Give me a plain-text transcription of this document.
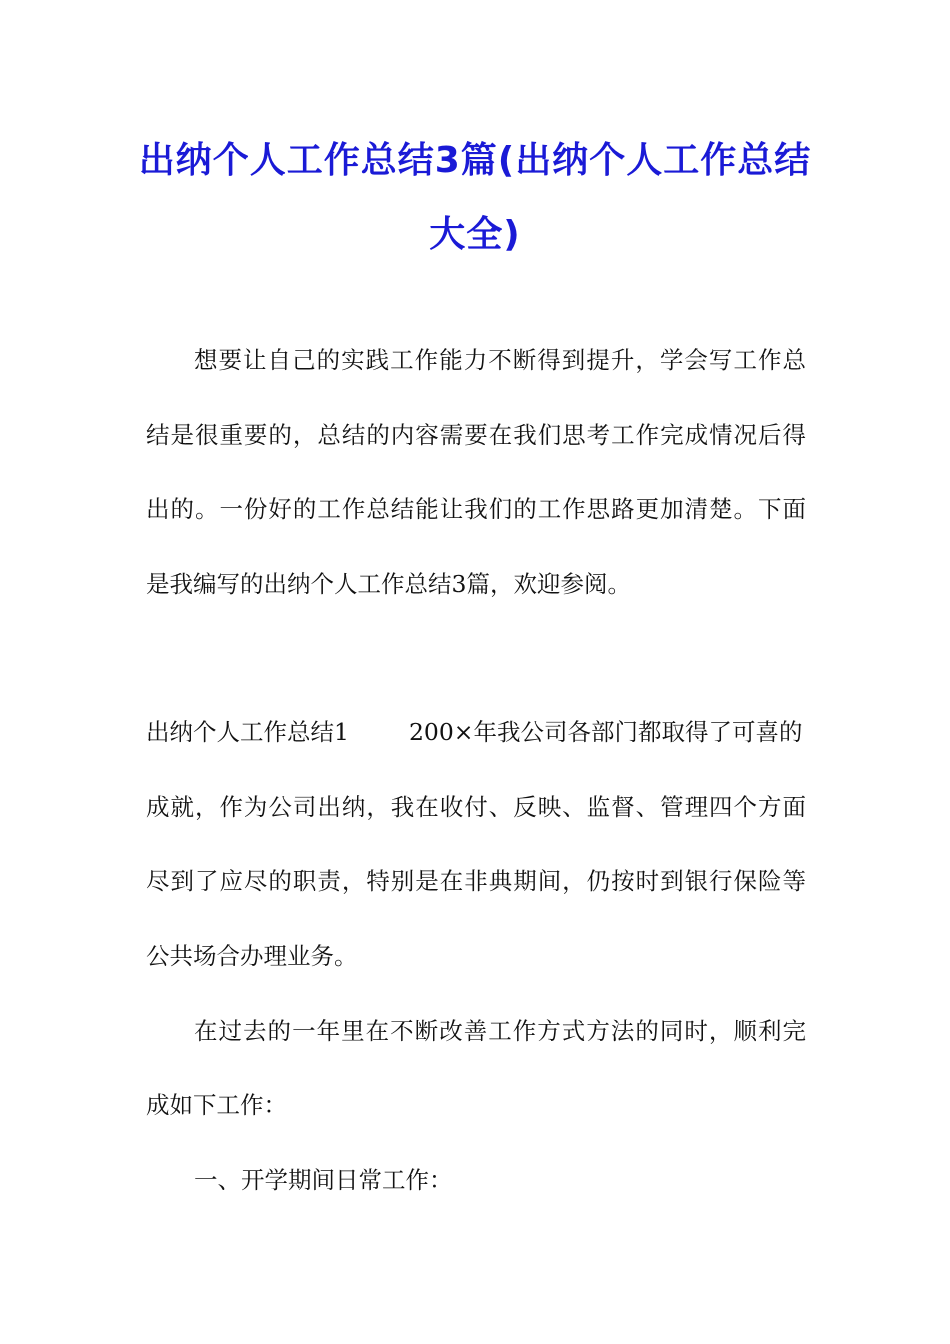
出纳个人工作总结3篇(出纳个人工作总结
大全)
想要让自己的实践工作能力不断得到提升，学会写工作总
结是很重要的，总结的内容需要在我们思考工作完成情况后得
出的。一份好的工作总结能让我们的工作思路更加清楚。下面
是我编写的出纳个人工作总结3篇，欢迎参阅。
出纳个人工作总结1	200×年我公司各部门都取得了可喜的
成就，作为公司出纳，我在收付、反映、监督、管理四个方面
尽到了应尽的职责，特别是在非典期间，仍按时到银行保险等
公共场合办理业务。
在过去的一年里在不断改善工作方式方法的同时，顺利完
成如下工作：
一、开学期间日常工作：
